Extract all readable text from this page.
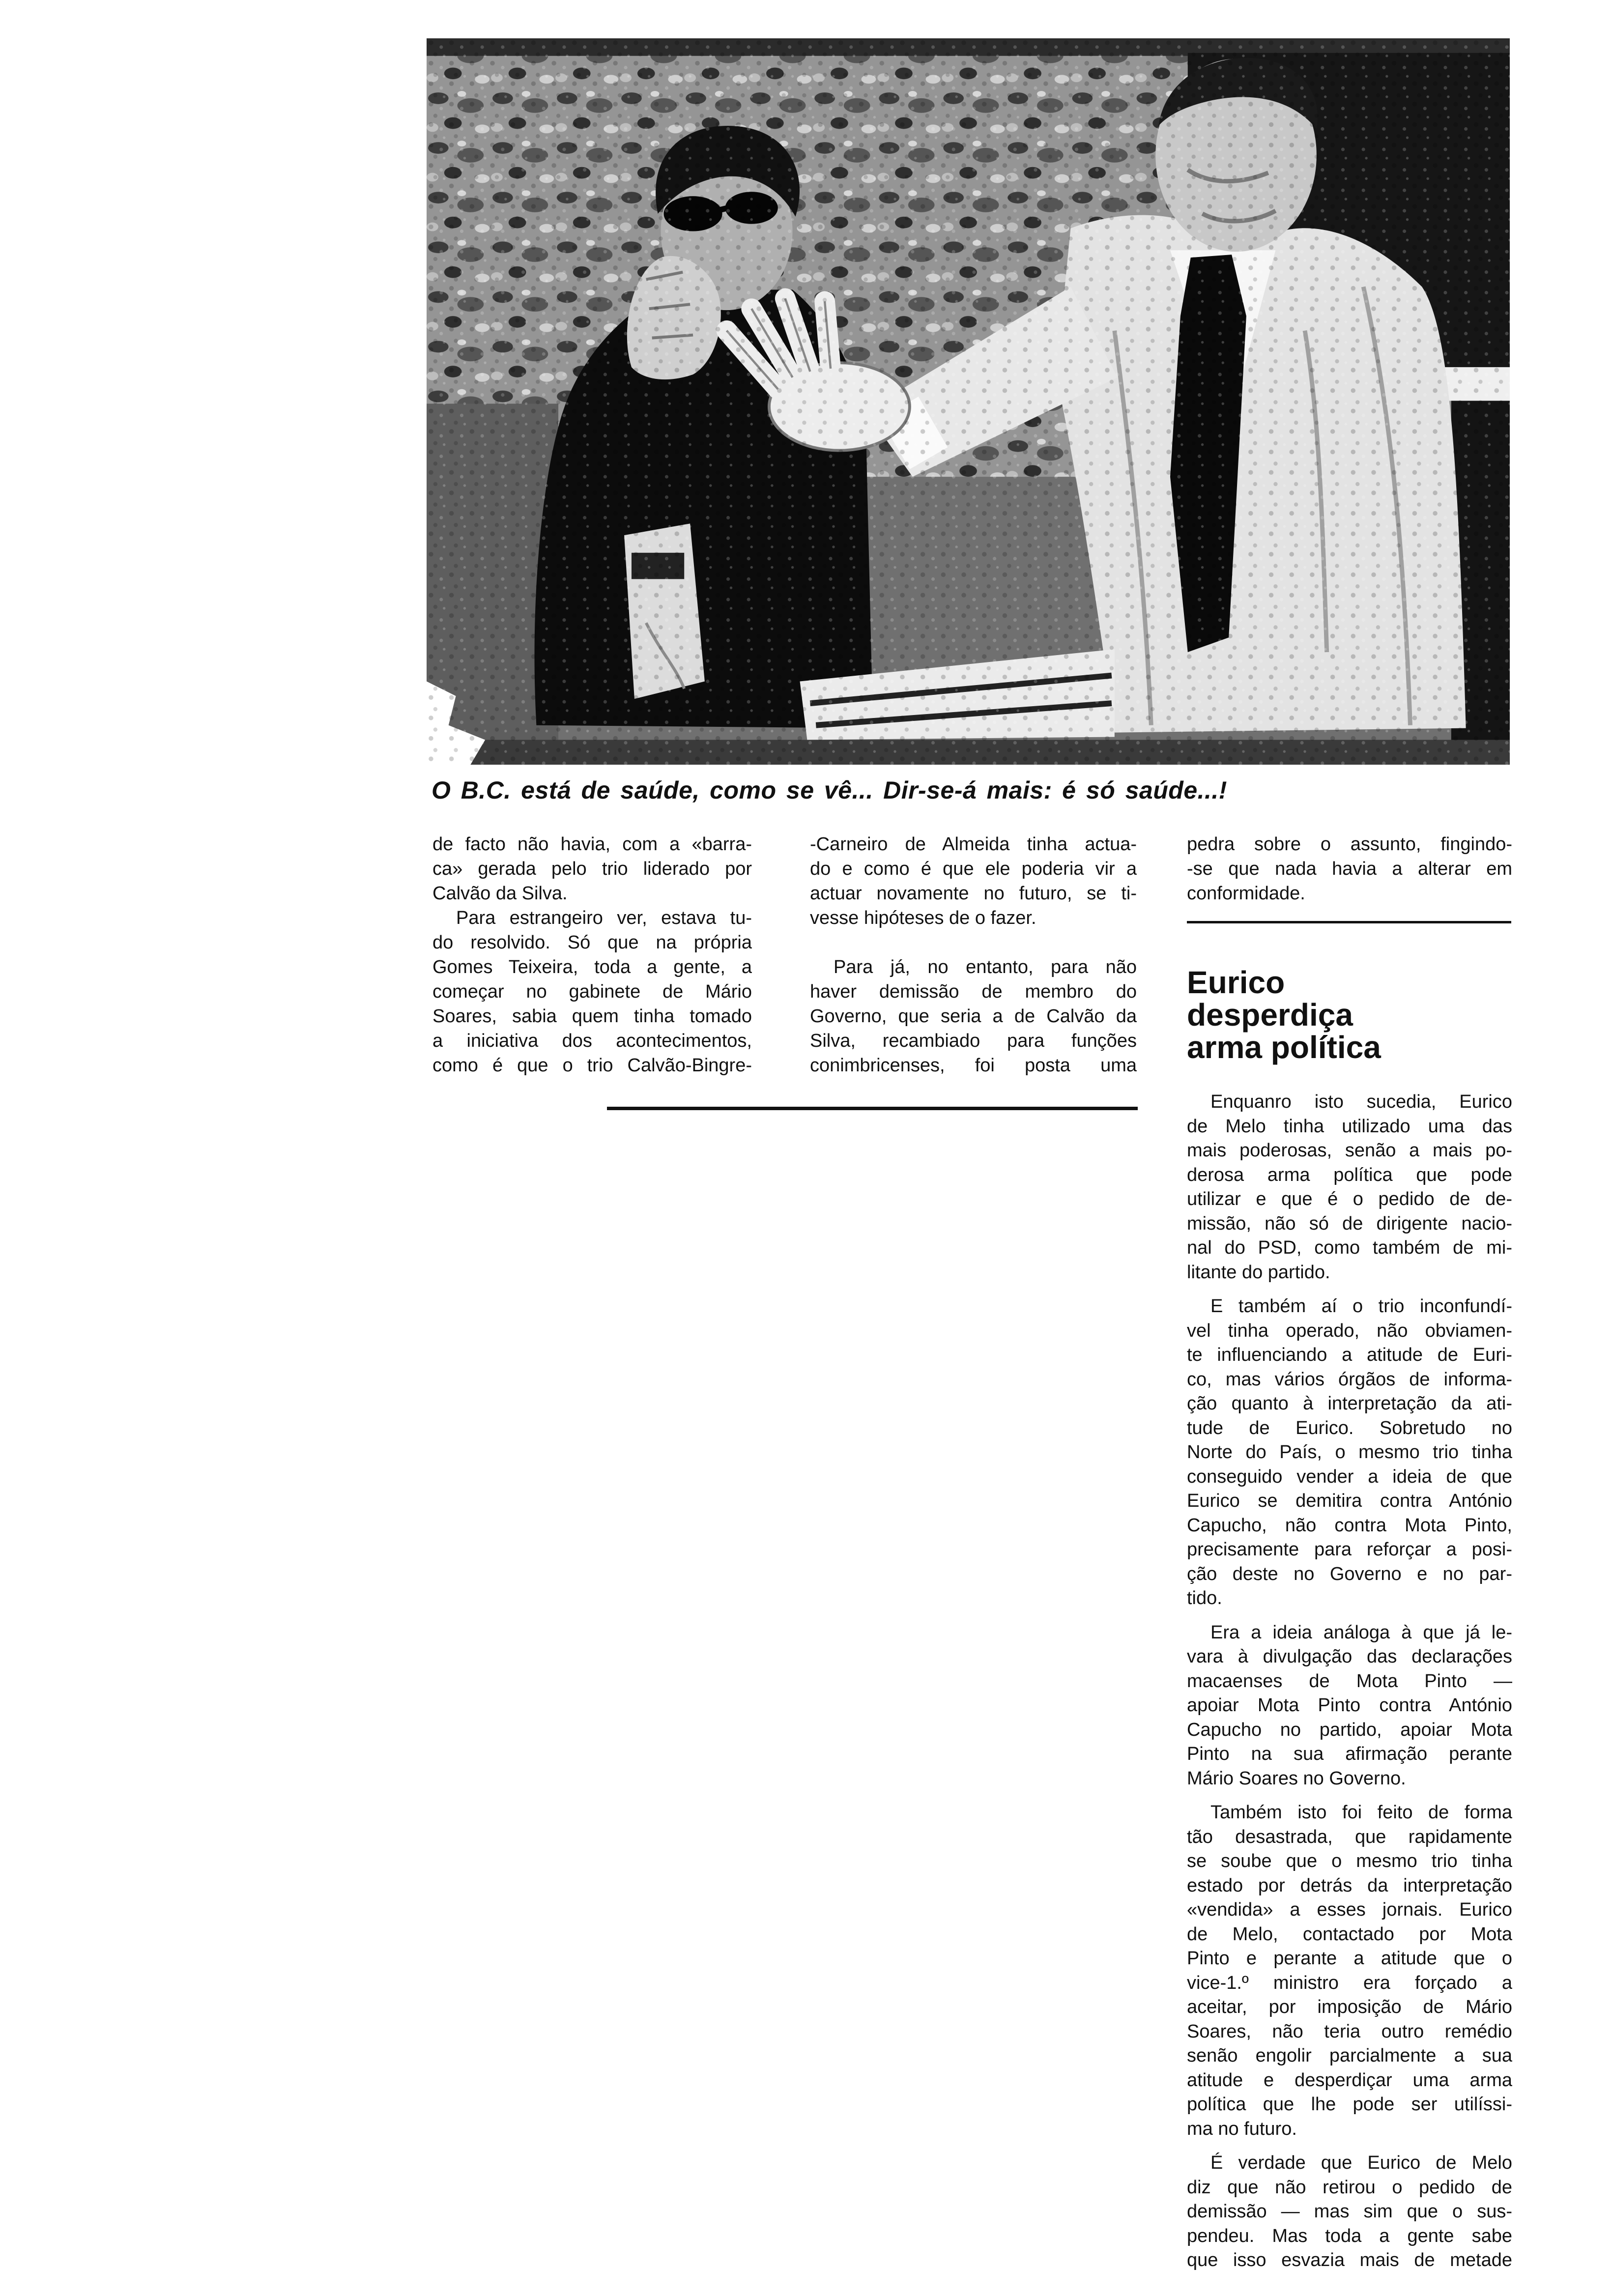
O B.C. está de saúde, como se vê... Dir-se-á mais: é só saúde...!
de facto não havia, com a «barra-
ca» gerada pelo trio liderado por
Calvão da Silva.
Para estrangeiro ver, estava tu-
do resolvido. Só que na própria
Gomes Teixeira, toda a gente, a
começar no gabinete de Mário
Soares, sabia quem tinha tomado
a iniciativa dos acontecimentos,
como é que o trio Calvão-Bingre-
-Carneiro de Almeida tinha actua-
do e como é que ele poderia vir a
actuar novamente no futuro, se ti-
vesse hipóteses de o fazer.
Para já, no entanto, para não
haver demissão de membro do
Governo, que seria a de Calvão da
Silva, recambiado para funções
conimbricenses, foi posta uma
pedra sobre o assunto, fingindo-
-se que nada havia a alterar em
conformidade.
Eurico
desperdiça
arma política
Enquanro isto sucedia, Eurico
de Melo tinha utilizado uma das
mais poderosas, senão a mais po-
derosa arma política que pode
utilizar e que é o pedido de de-
missão, não só de dirigente nacio-
nal do PSD, como também de mi-
litante do partido.
E também aí o trio inconfundí-
vel tinha operado, não obviamen-
te influenciando a atitude de Euri-
co, mas vários órgãos de informa-
ção quanto à interpretação da ati-
tude de Eurico. Sobretudo no
Norte do País, o mesmo trio tinha
conseguido vender a ideia de que
Eurico se demitira contra António
Capucho, não contra Mota Pinto,
precisamente para reforçar a posi-
ção deste no Governo e no par-
tido.
Era a ideia análoga à que já le-
vara à divulgação das declarações
macaenses de Mota Pinto —
apoiar Mota Pinto contra António
Capucho no partido, apoiar Mota
Pinto na sua afirmação perante
Mário Soares no Governo.
Também isto foi feito de forma
tão desastrada, que rapidamente
se soube que o mesmo trio tinha
estado por detrás da interpretação
«vendida» a esses jornais. Eurico
de Melo, contactado por Mota
Pinto e perante a atitude que o
vice-1.º ministro era forçado a
aceitar, por imposição de Mário
Soares, não teria outro remédio
senão engolir parcialmente a sua
atitude e desperdiçar uma arma
política que lhe pode ser utilíssi-
ma no futuro.
É verdade que Eurico de Melo
diz que não retirou o pedido de
demissão — mas sim que o sus-
pendeu. Mas toda a gente sabe
que isso esvazia mais de metade
